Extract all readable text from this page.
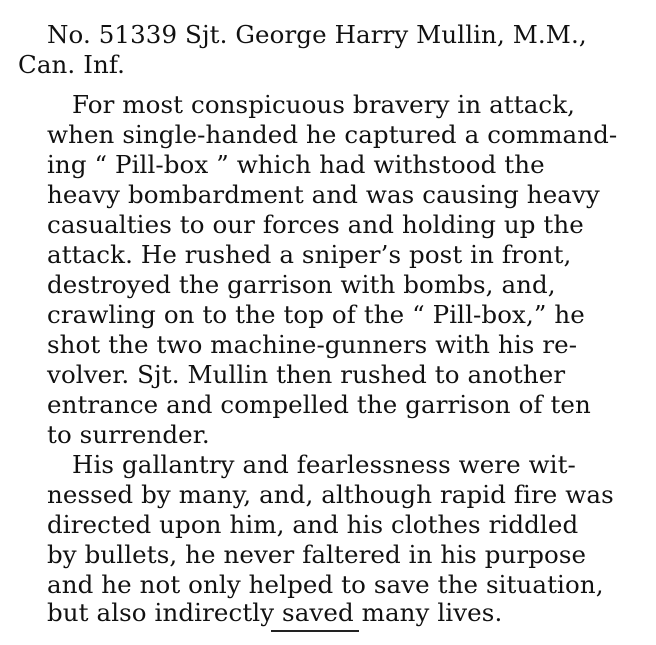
No. 51339 Sjt. George Harry Mullin, M.M.,
Can. Inf.
For most conspicuous bravery in attack,
when single-handed he captured a command-
ing “ Pill-box ” which had withstood the
heavy bombardment and was causing heavy
casualties to our forces and holding up the
attack. He rushed a sniper’s post in front,
destroyed the garrison with bombs, and,
crawling on to the top of the “ Pill-box,” he
shot the two machine-gunners with his re-
volver. Sjt. Mullin then rushed to another
entrance and compelled the garrison of ten
to surrender.
His gallantry and fearlessness were wit-
nessed by many, and, although rapid fire was
directed upon him, and his clothes riddled
by bullets, he never faltered in his purpose
and he not only helped to save the situation,
but also indirectly saved many lives.
